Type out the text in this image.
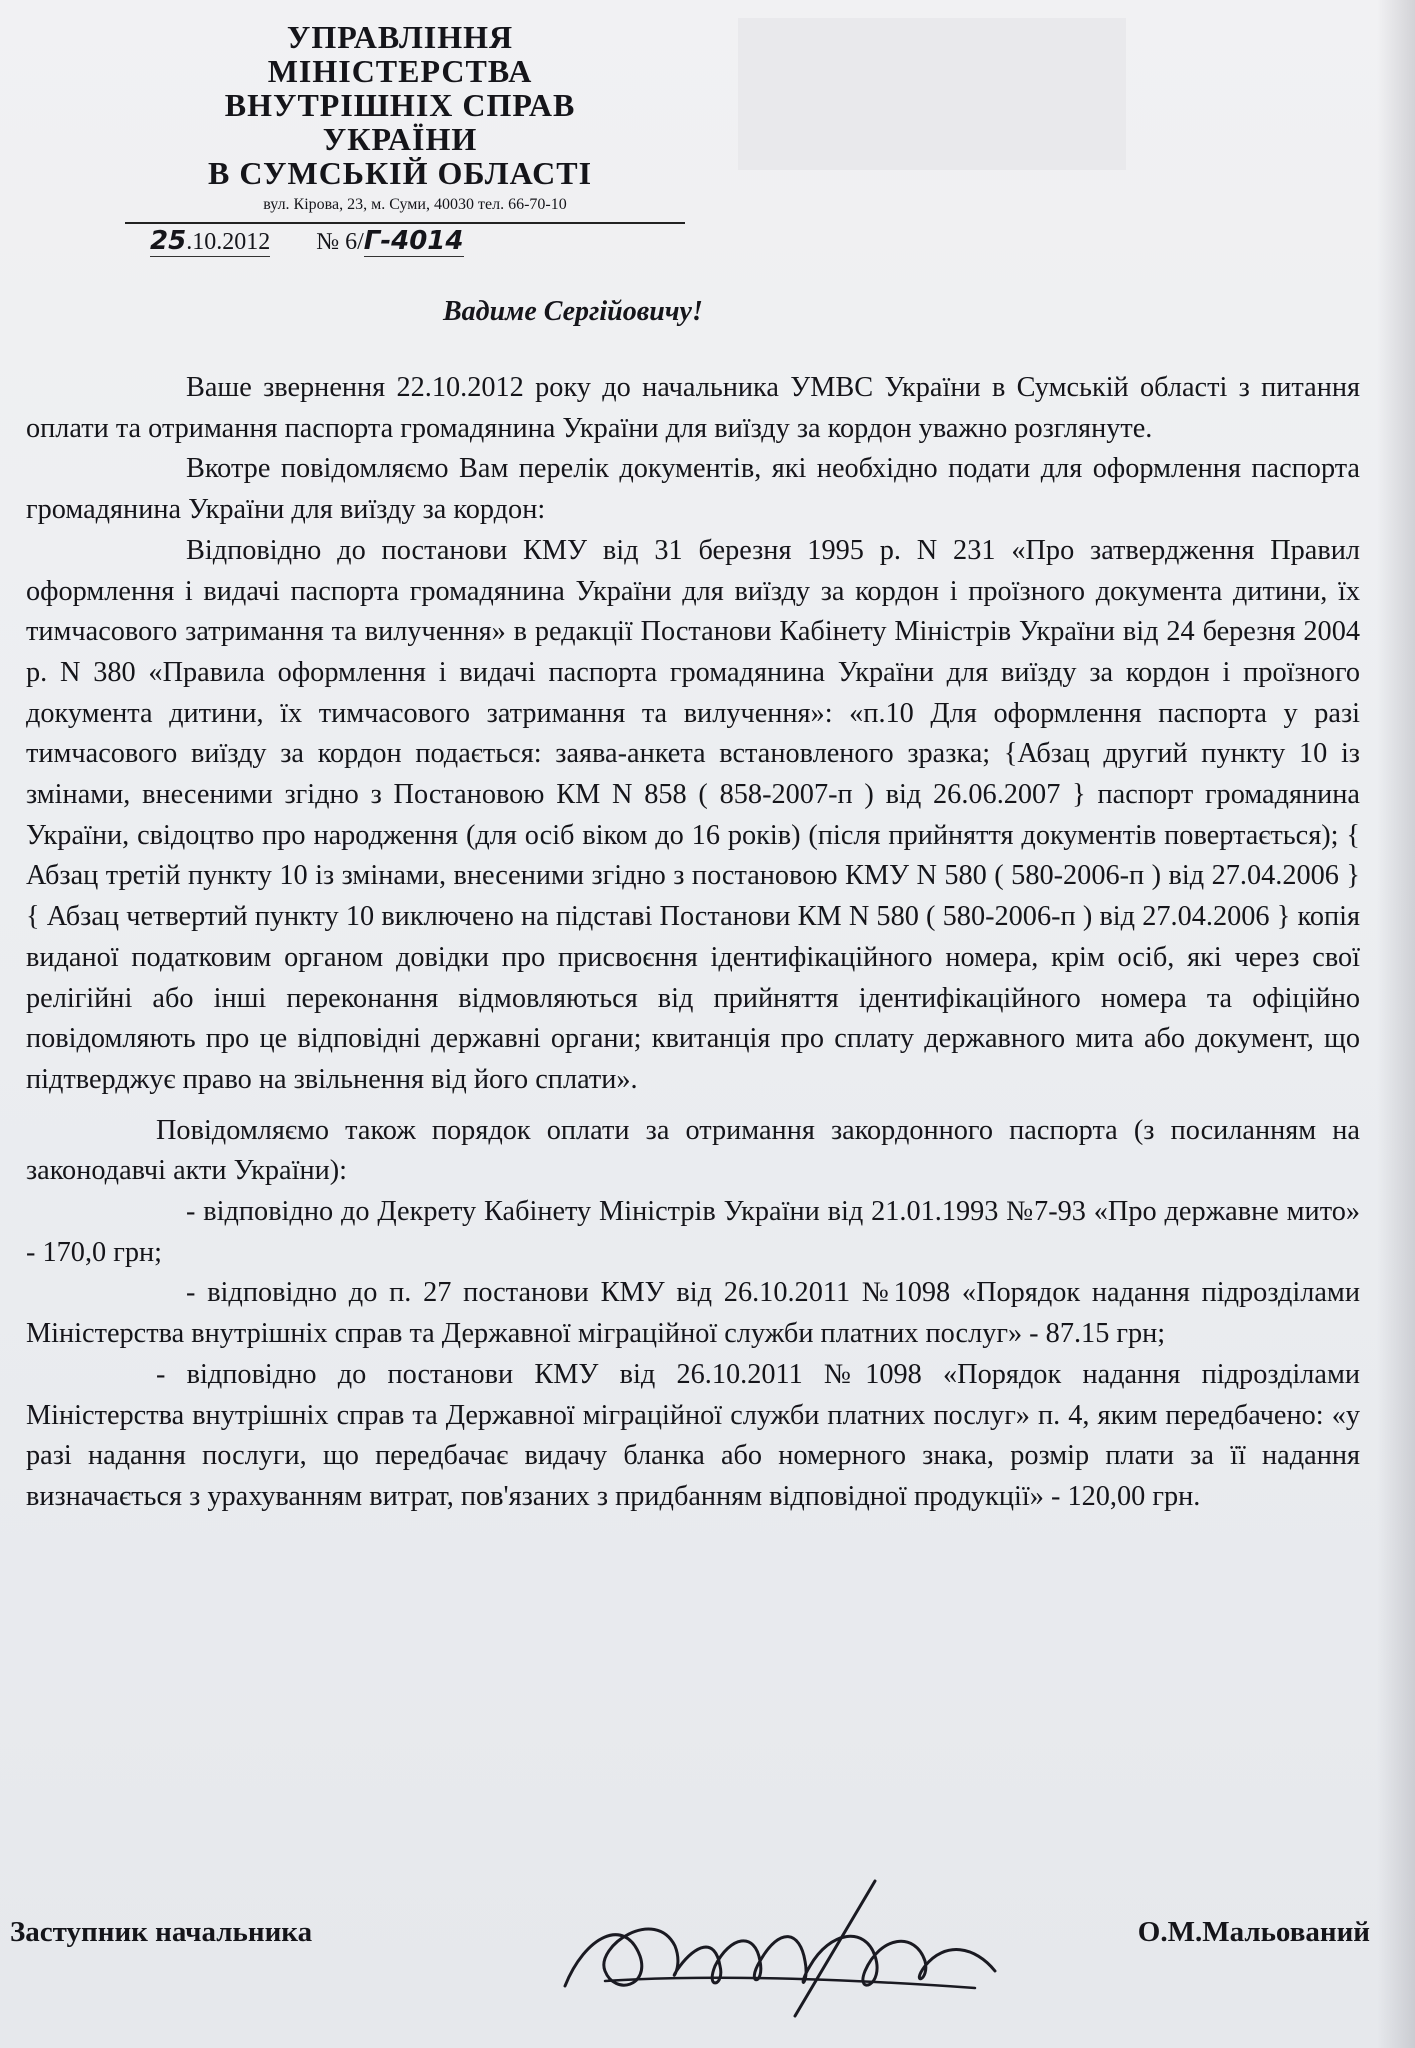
УПРАВЛІННЯ
МІНІСТЕРСТВА
ВНУТРІШНІХ СПРАВ
УКРАЇНИ
В СУМСЬКІЙ ОБЛАСТІ
вул. Кірова, 23, м. Суми, 40030 тел. 66-70-10
25 .10.2012 № 6/ Г-4014
Вадиме Сергійовичу!

Ваше звернення 22.10.2012 року до начальника УМВС України в Сумській області з питання оплати та отримання паспорта громадянина України для виїзду за кордон уважно розглянуте.

Вкотре повідомляємо Вам перелік документів, які необхідно подати для оформлення паспорта громадянина України для виїзду за кордон:

Відповідно до постанови КМУ від 31 березня 1995 р. N 231 «Про затвердження Правил оформлення і видачі паспорта громадянина України для виїзду за кордон і проїзного документа дитини, їх тимчасового затримання та вилучення» в редакції Постанови Кабінету Міністрів України від 24 березня 2004 р. N 380 «Правила оформлення і видачі паспорта громадянина України для виїзду за кордон і проїзного документа дитини, їх тимчасового затримання та вилучення»: «п.10 Для оформлення паспорта у разі тимчасового виїзду за кордон подається: заява-анкета встановленого зразка; {Абзац другий пункту 10 із змінами, внесеними згідно з Постановою КМ N 858 ( 858-2007-п ) від 26.06.2007 } паспорт громадянина України, свідоцтво про народження (для осіб віком до 16 років) (після прийняття документів повертається); { Абзац третій пункту 10 із змінами, внесеними згідно з постановою КМУ N 580 ( 580-2006-п ) від 27.04.2006 } { Абзац четвертий пункту 10 виключено на підставі Постанови КМ N 580 ( 580-2006-п ) від 27.04.2006 } копія виданої податковим органом довідки про присвоєння ідентифікаційного номера, крім осіб, які через свої релігійні або інші переконання відмовляються від прийняття ідентифікаційного номера та офіційно повідомляють про це відповідні державні органи; квитанція про сплату державного мита або документ, що підтверджує право на звільнення від його сплати».

Повідомляємо також порядок оплати за отримання закордонного паспорта (з посиланням на законодавчі акти України):

- відповідно до Декрету Кабінету Міністрів України від 21.01.1993 №7-93 «Про державне мито» - 170,0 грн;

- відповідно до п. 27 постанови КМУ від 26.10.2011 №1098 «Порядок надання підрозділами Міністерства внутрішніх справ та Державної міграційної служби платних послуг» - 87.15 грн;

- відповідно до постанови КМУ від 26.10.2011 №1098 «Порядок надання підрозділами Міністерства внутрішніх справ та Державної міграційної служби платних послуг» п. 4, яким передбачено: «у разі надання послуги, що передбачає видачу бланка або номерного знака, розмір плати за її надання визначається з урахуванням витрат, пов'язаних з придбанням відповідної продукції» - 120,00 грн.

Заступник начальника	О.М.Мальований
